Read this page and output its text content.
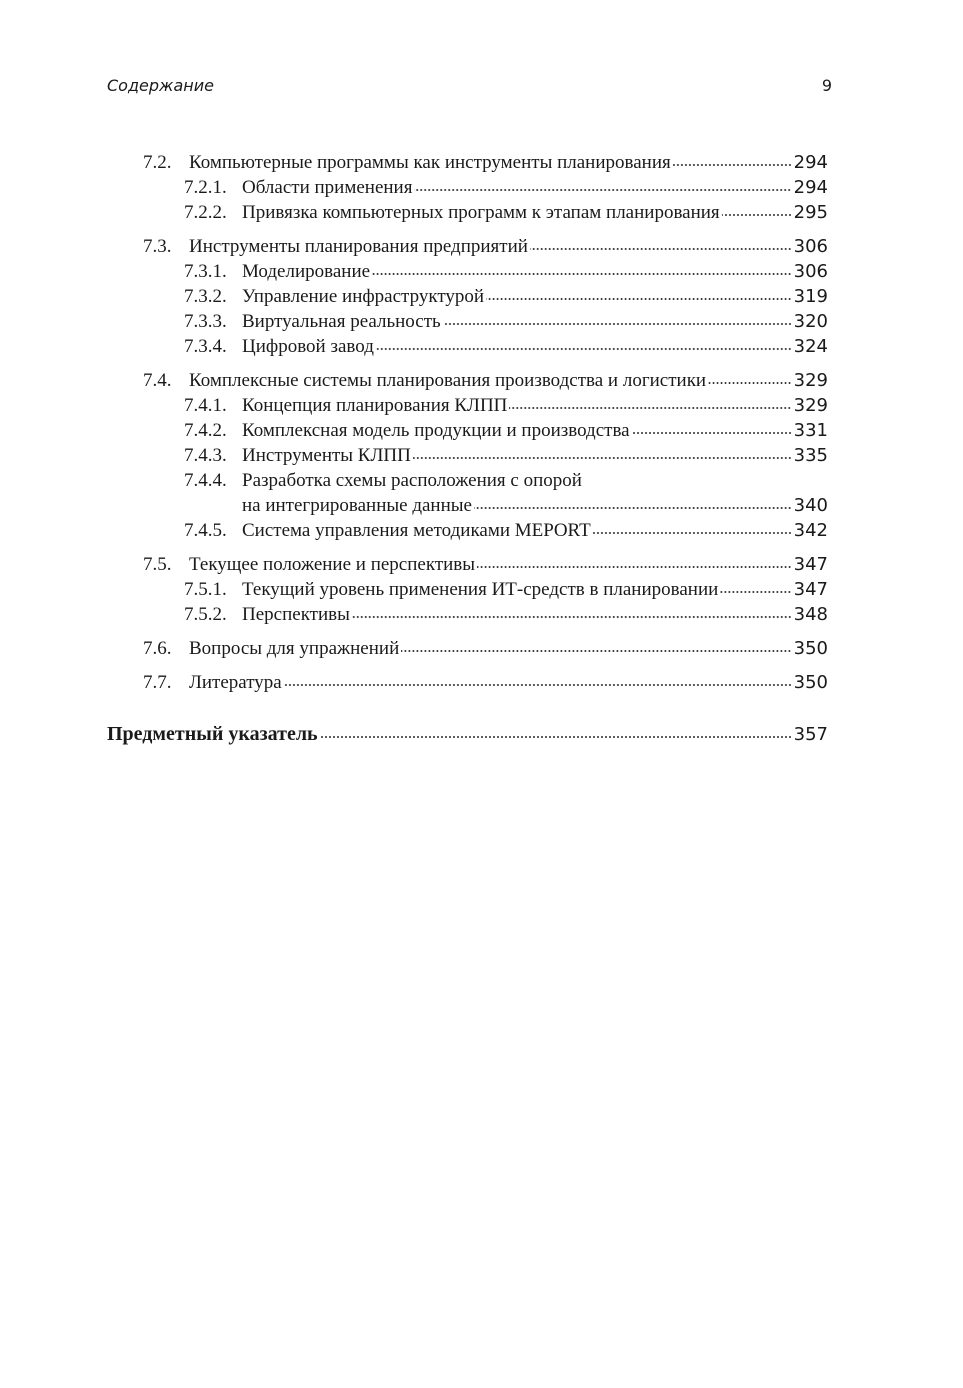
Содержание	9
7.2. Компьютерные программы как инструменты планирования	294
7.2.1. Области применения	294
7.2.2. Привязка компьютерных программ к этапам планирования	295
7.3. Инструменты планирования предприятий	306
7.3.1. Моделирование	306
7.3.2. Управление инфраструктурой	319
7.3.3. Виртуальная реальность	320
7.3.4. Цифровой завод	324
7.4. Комплексные системы планирования производства и логистики	329
7.4.1. Концепция планирования КЛПП	329
7.4.2. Комплексная модель продукции и производства	331
7.4.3. Инструменты КЛПП	335
7.4.4. Разработка схемы расположения с опорой
на интегрированные данные	340
7.4.5. Система управления методиками MEPORT	342
7.5. Текущее положение и перспективы	347
7.5.1. Текущий уровень применения ИТ-средств в планировании	347
7.5.2. Перспективы	348
7.6. Вопросы для упражнений	350
7.7. Литература	350
Предметный указатель	357
